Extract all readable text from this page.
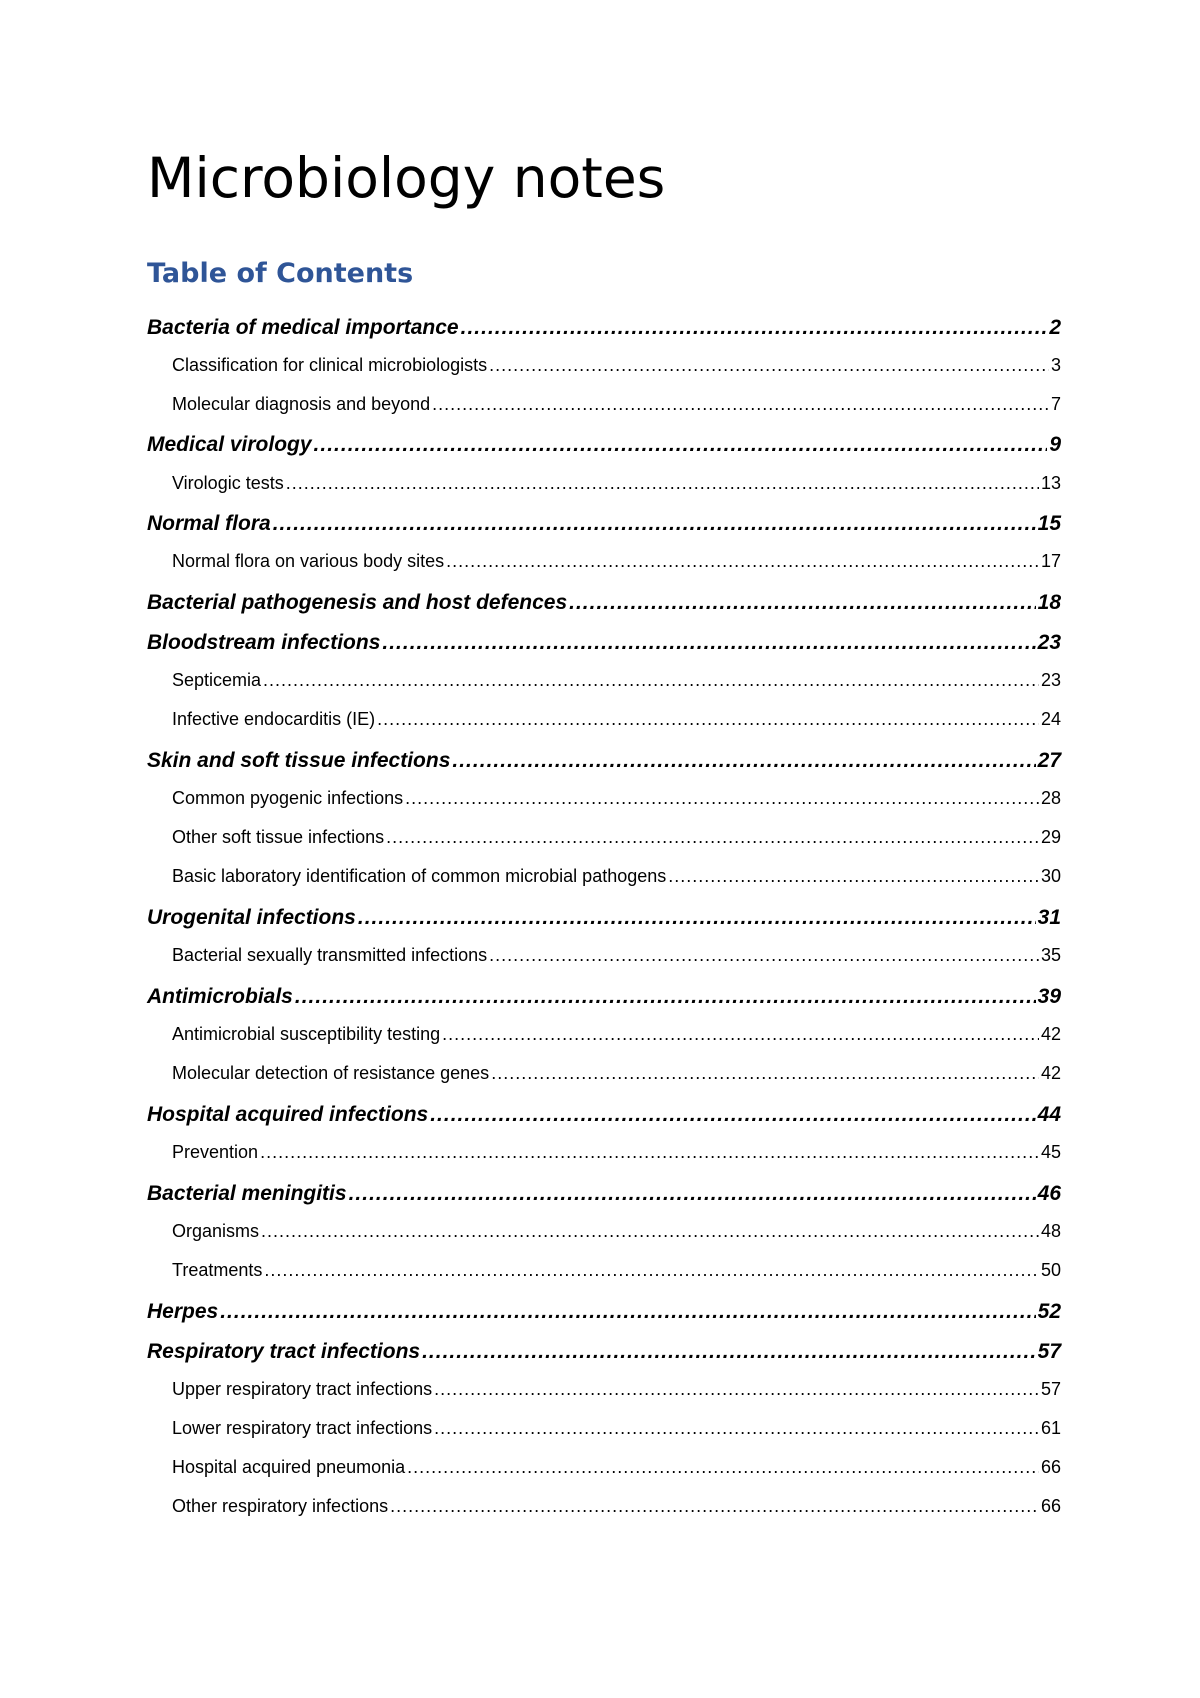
Microbiology notes
Table of Contents
Bacteria of medical importance .....	2
Classification for clinical microbiologists .....	3
Molecular diagnosis and beyond .....	7
Medical virology .....	9
Virologic tests .....	13
Normal flora .....	15
Normal flora on various body sites .....	17
Bacterial pathogenesis and host defences .....	18
Bloodstream infections .....	23
Septicemia .....	23
Infective endocarditis (IE) .....	24
Skin and soft tissue infections .....	27
Common pyogenic infections .....	28
Other soft tissue infections .....	29
Basic laboratory identification of common microbial pathogens .....	30
Urogenital infections .....	31
Bacterial sexually transmitted infections .....	35
Antimicrobials .....	39
Antimicrobial susceptibility testing .....	42
Molecular detection of resistance genes .....	42
Hospital acquired infections .....	44
Prevention .....	45
Bacterial meningitis .....	46
Organisms .....	48
Treatments .....	50
Herpes .....	52
Respiratory tract infections .....	57
Upper respiratory tract infections .....	57
Lower respiratory tract infections .....	61
Hospital acquired pneumonia .....	66
Other respiratory infections .....	66
